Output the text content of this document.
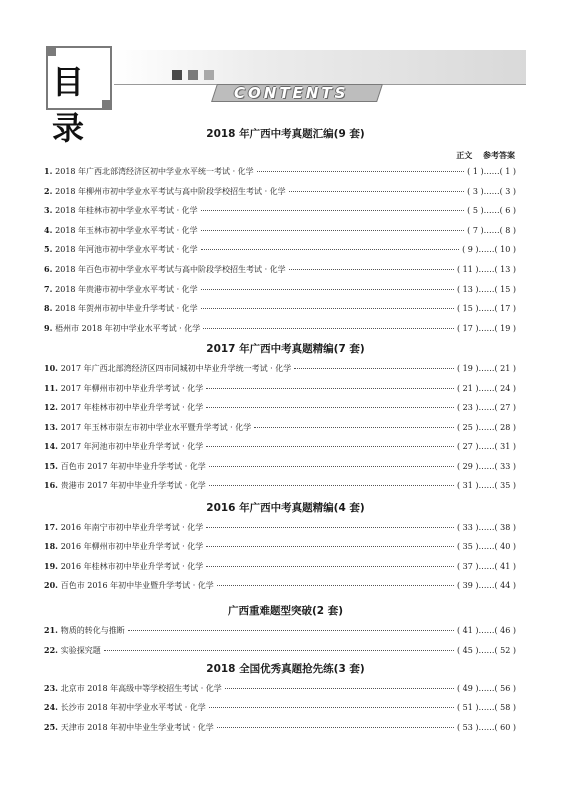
目录
CONTENTS
正文 参考答案
2018 年广西中考真题汇编(9 套)
1. 2018 年广西北部湾经济区初中学业水平统一考试 · 化学	( 1 )……( 1 )
2. 2018 年柳州市初中学业水平考试与高中阶段学校招生考试 · 化学	( 3 )……( 3 )
3. 2018 年桂林市初中学业水平考试 · 化学	( 5 )……( 6 )
4. 2018 年玉林市初中学业水平考试 · 化学	( 7 )……( 8 )
5. 2018 年河池市初中学业水平考试 · 化学	( 9 )……( 10 )
6. 2018 年百色市初中学业水平考试与高中阶段学校招生考试 · 化学	( 11 )……( 13 )
7. 2018 年贵港市初中学业水平考试 · 化学	( 13 )……( 15 )
8. 2018 年贺州市初中毕业升学考试 · 化学	( 15 )……( 17 )
9. 梧州市 2018 年初中学业水平考试 · 化学	( 17 )……( 19 )
2017 年广西中考真题精编(7 套)
10. 2017 年广西北部湾经济区四市同城初中毕业升学统一考试 · 化学	( 19 )……( 21 )
11. 2017 年柳州市初中毕业升学考试 · 化学	( 21 )……( 24 )
12. 2017 年桂林市初中毕业升学考试 · 化学	( 23 )……( 27 )
13. 2017 年玉林市崇左市初中学业水平暨升学考试 · 化学	( 25 )……( 28 )
14. 2017 年河池市初中毕业升学考试 · 化学	( 27 )……( 31 )
15. 百色市 2017 年初中毕业升学考试 · 化学	( 29 )……( 33 )
16. 贵港市 2017 年初中毕业升学考试 · 化学	( 31 )……( 35 )
2016 年广西中考真题精编(4 套)
17. 2016 年南宁市初中毕业升学考试 · 化学	( 33 )……( 38 )
18. 2016 年柳州市初中毕业升学考试 · 化学	( 35 )……( 40 )
19. 2016 年桂林市初中毕业升学考试 · 化学	( 37 )……( 41 )
20. 百色市 2016 年初中毕业暨升学考试 · 化学	( 39 )……( 44 )
广西重难题型突破(2 套)
21. 物质的转化与推断	( 41 )……( 46 )
22. 实验探究题	( 45 )……( 52 )
2018 全国优秀真题抢先练(3 套)
23. 北京市 2018 年高级中等学校招生考试 · 化学	( 49 )……( 56 )
24. 长沙市 2018 年初中学业水平考试 · 化学	( 51 )……( 58 )
25. 天津市 2018 年初中毕业生学业考试 · 化学	( 53 )……( 60 )
